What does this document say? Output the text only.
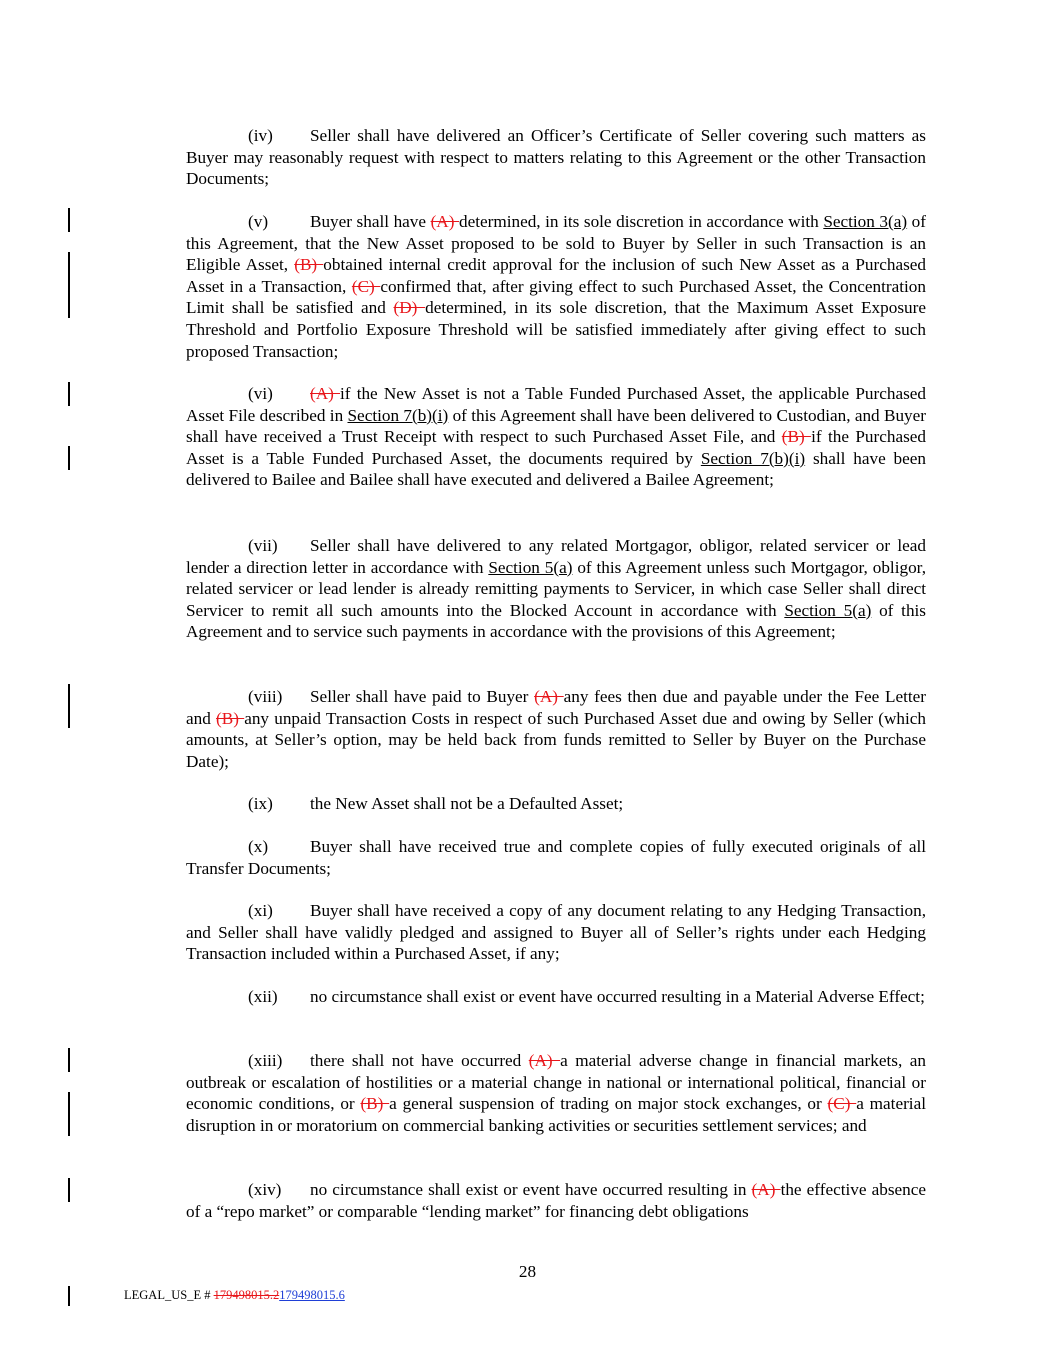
(iv) Seller shall have delivered an Officer’s Certificate of Seller covering such matters as Buyer may reasonably request with respect to matters relating to this Agreement or the other Transaction Documents;
(v) Buyer shall have (A) determined, in its sole discretion in accordance with Section 3(a) of this Agreement, that the New Asset proposed to be sold to Buyer by Seller in such Transaction is an Eligible Asset, (B) obtained internal credit approval for the inclusion of such New Asset as a Purchased Asset in a Transaction, (C) confirmed that, after giving effect to such Purchased Asset, the Concentration Limit shall be satisfied and (D) determined, in its sole discretion, that the Maximum Asset Exposure Threshold and Portfolio Exposure Threshold will be satisfied immediately after giving effect to such proposed Transaction;
(vi) (A) if the New Asset is not a Table Funded Purchased Asset, the applicable Purchased Asset File described in Section 7(b)(i) of this Agreement shall have been delivered to Custodian, and Buyer shall have received a Trust Receipt with respect to such Purchased Asset File, and (B) if the Purchased Asset is a Table Funded Purchased Asset, the documents required by Section 7(b)(i) shall have been delivered to Bailee and Bailee shall have executed and delivered a Bailee Agreement;
(vii) Seller shall have delivered to any related Mortgagor, obligor, related servicer or lead lender a direction letter in accordance with Section 5(a) of this Agreement unless such Mortgagor, obligor, related servicer or lead lender is already remitting payments to Servicer, in which case Seller shall direct Servicer to remit all such amounts into the Blocked Account in accordance with Section 5(a) of this Agreement and to service such payments in accordance with the provisions of this Agreement;
(viii) Seller shall have paid to Buyer (A) any fees then due and payable under the Fee Letter and (B) any unpaid Transaction Costs in respect of such Purchased Asset due and owing by Seller (which amounts, at Seller’s option, may be held back from funds remitted to Seller by Buyer on the Purchase Date);
(ix) the New Asset shall not be a Defaulted Asset;
(x) Buyer shall have received true and complete copies of fully executed originals of all Transfer Documents;
(xi) Buyer shall have received a copy of any document relating to any Hedging Transaction, and Seller shall have validly pledged and assigned to Buyer all of Seller’s rights under each Hedging Transaction included within a Purchased Asset, if any;
(xii) no circumstance shall exist or event have occurred resulting in a Material Adverse Effect;
(xiii) there shall not have occurred (A) a material adverse change in financial markets, an outbreak or escalation of hostilities or a material change in national or international political, financial or economic conditions, or (B) a general suspension of trading on major stock exchanges, or (C) a material disruption in or moratorium on commercial banking activities or securities settlement services; and
(xiv) no circumstance shall exist or event have occurred resulting in (A) the effective absence of a “repo market” or comparable “lending market” for financing debt obligations
28
LEGAL_US_E # 179498015.2179498015.6
